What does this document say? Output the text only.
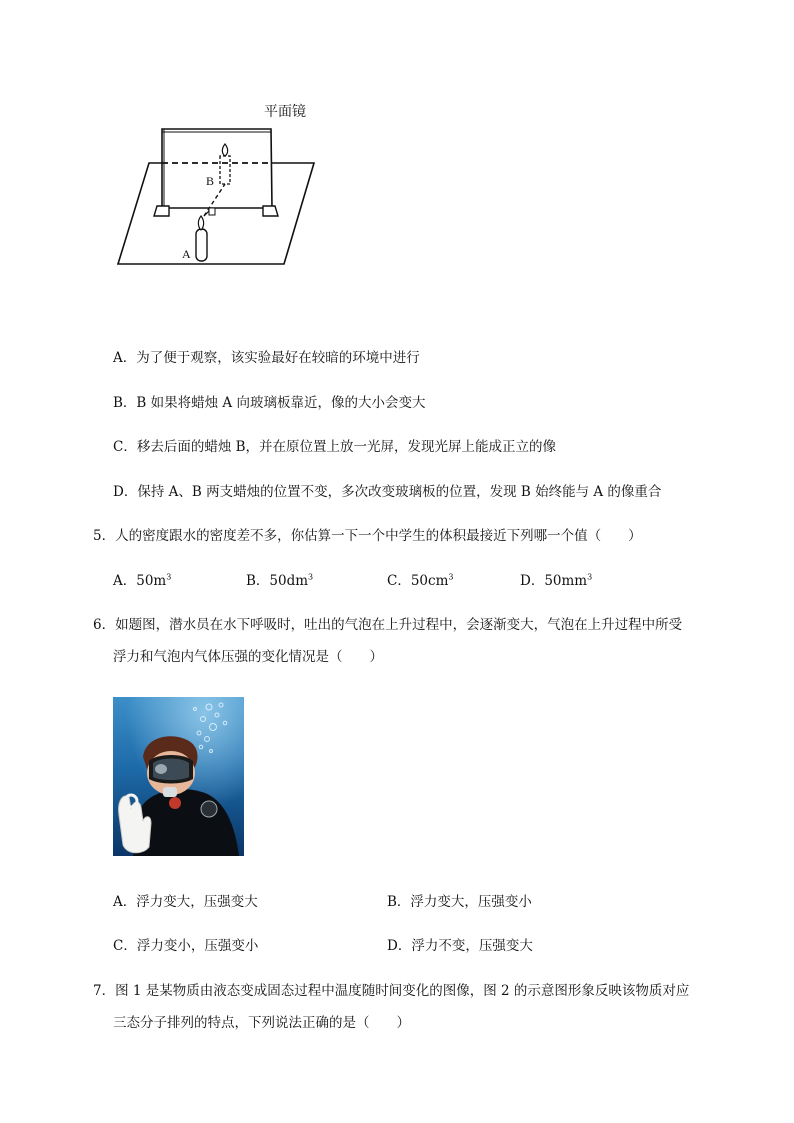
平面镜
B
A
A．为了便于观察，该实验最好在较暗的环境中进行
B．B 如果将蜡烛 A 向玻璃板靠近，像的大小会变大
C．移去后面的蜡烛 B，并在原位置上放一光屏，发现光屏上能成正立的像
D．保持 A、B 两支蜡烛的位置不变，多次改变玻璃板的位置，发现 B 始终能与 A 的像重合
5．人的密度跟水的密度差不多，你估算一下一个中学生的体积最接近下列哪一个值（　　）
A．$50m^3$	B．$50dm^3$	C．$50cm^3$	D．$50mm^3$
6．如题图，潜水员在水下呼吸时，吐出的气泡在上升过程中，会逐渐变大，气泡在上升过程中所受
浮力和气泡内气体压强的变化情况是（　　）
A．浮力变大，压强变大	B．浮力变大，压强变小
C．浮力变小，压强变小	D．浮力不变，压强变大
7．图 1 是某物质由液态变成固态过程中温度随时间变化的图像，图 2 的示意图形象反映该物质对应
三态分子排列的特点，下列说法正确的是（　　）
